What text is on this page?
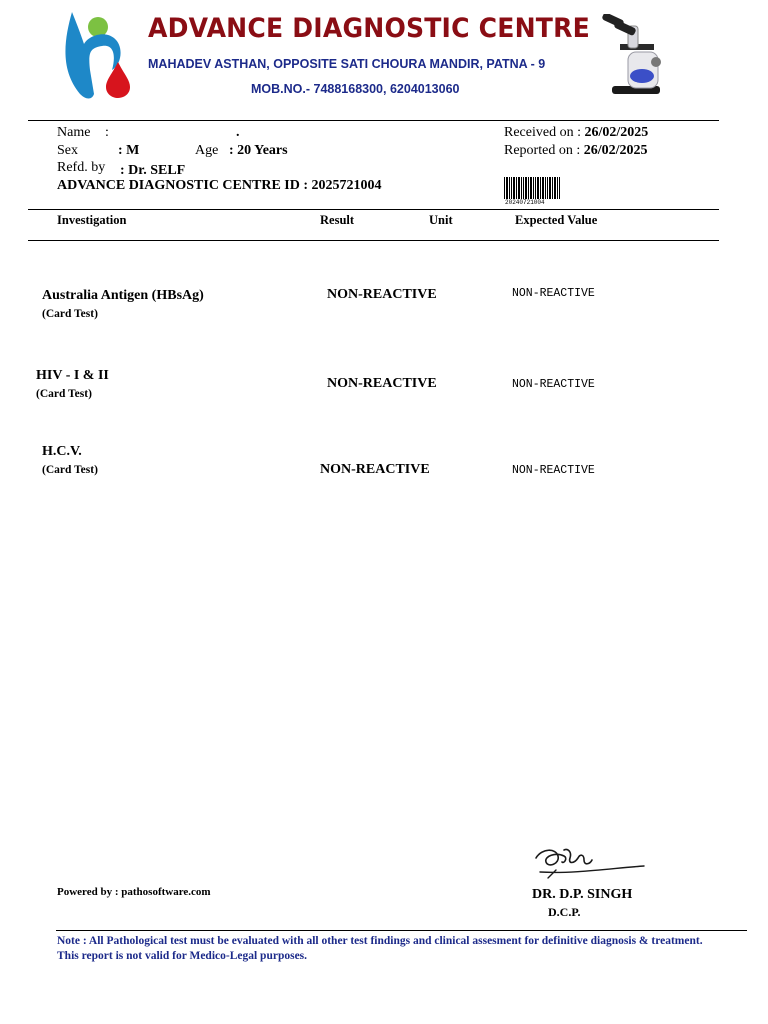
ADVANCE DIAGNOSTIC CENTRE
MAHADEV ASTHAN, OPPOSITE SATI CHOURA MANDIR, PATNA - 9
MOB.NO.- 7488168300, 6204013060
Name :	.
Sex	: M	Age : 20 Years
Refd. by : Dr. SELF
ADVANCE DIAGNOSTIC CENTRE ID : 2025721004
Received on : 26/02/2025
Reported on : 26/02/2025
20240721004
Investigation	Result	Unit	Expected Value
Australia Antigen (HBsAg)
(Card Test)
NON-REACTIVE	NON-REACTIVE
HIV - I & II
(Card Test)
NON-REACTIVE	NON-REACTIVE
H.C.V.
(Card Test)	NON-REACTIVE	NON-REACTIVE
Powered by : pathosoftware.com	DR. D.P. SINGH
D.C.P.
Note : All Pathological test must be evaluated with all other test findings and clinical assesment for definitive diagnosis & treatment.
This report is not valid for Medico-Legal purposes.
